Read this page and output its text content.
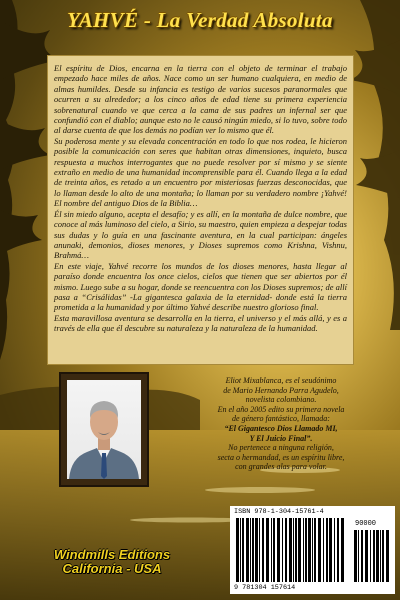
YAHVÉ - La Verdad Absoluta

El espíritu de Dios, encarna en la tierra con el objeto de terminar el trabajo empezado hace miles de años. Nace como un ser humano cualquiera, en medio de almas humildes. Desde su infancia es testigo de varios sucesos paranormales que ocurren a su alrededor; a los cinco años de edad tiene su primera experiencia sobrenatural cuando ve que cerca a la cama de sus padres un infernal ser que confundió con el diablo; aunque esto no le causó ningún miedo, si lo tuvo, sobre todo al darse cuenta de que los demás no podían ver lo mismo que él.

Su poderosa mente y su elevada concentración en todo lo que nos rodea, le hicieron posible la comunicación con seres que habitan otras dimensiones, inquieto, busca respuesta a muchos interrogantes que no puede resolver por sí mismo y se siente extraño en medio de una humanidad incomprensible para él. Cuando llega a la edad de treinta años, es retado a un encuentro por misteriosas fuerzas desconocidas, que lo llaman desde lo alto de una montaña; lo llaman por su verdadero nombre ¡Yahvé! El nombre del antiguo Dios de la Biblia…

Él sin miedo alguno, acepta el desafío; y es allí, en la montaña de dulce nombre, que conoce al más luminoso del cielo, a Sirio, su maestro, quien empieza a despejar todas sus dudas y lo guía en una fascinante aventura, en la cual participan: ángeles anunaki, demonios, dioses menores, y Dioses supremos como Krishna, Vishnu, Brahmá…

En este viaje, Yahvé recorre los mundos de los dioses menores, hasta llegar al paraíso donde encuentra los once cielos, cielos que tienen que ser abiertos por él mismo. Luego sube a su hogar, donde se reencuentra con los Dioses supremos; de allí pasa a “Crisálidas” -La gigantesca galaxia de la eternidad- donde está la tierra prometida a la humanidad y por último Yahvé describe nuestro glorioso final.

Esta maravillosa aventura se desarrolla en la tierra, el universo y el más allá, y es a través de ella que él descubre su naturaleza y la naturaleza de la humanidad.

Eliot Mixablanca, es el seudónimo
de Mario Hernando Parra Agudelo,
novelista colombiano.
En el año 2005 edito su primera novela
de género fantástico, llamada:
“El Gigantesco Dios Llamado MI,
Y El Juicio Final”.
No pertenece a ninguna religión,
secta o hermandad, es un espíritu libre,
con grandes alas para volar.
ISBN 978-1-304-15761-4
90000
9 781304 157614
Windmills Editions
California - USA
